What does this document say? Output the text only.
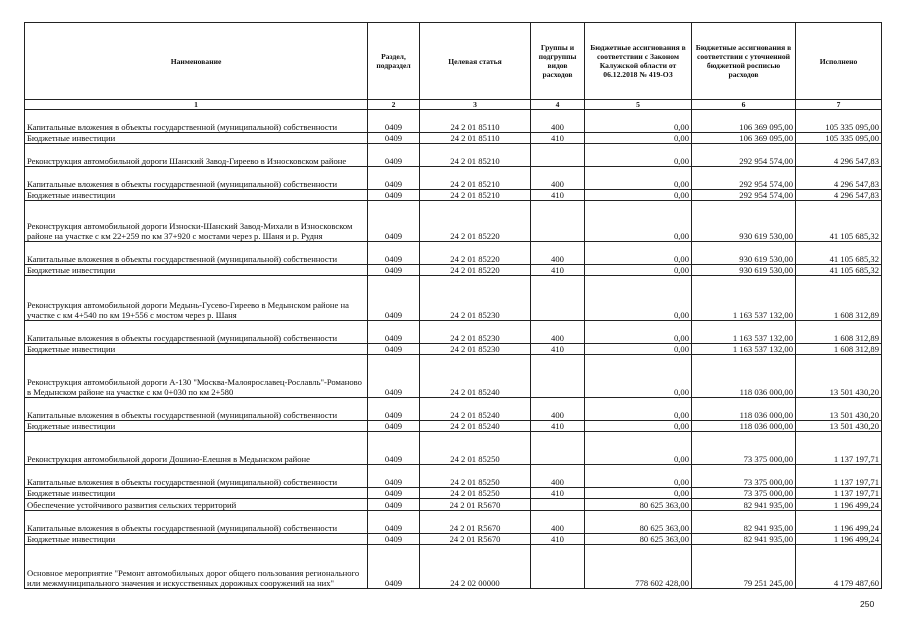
Наименование	Раздел, подраздел	Целевая статья	Группы и подгруппы видов расходов	Бюджетные ассигнования в соответствии с Законом Калужской области от 06.12.2018 № 419-ОЗ	Бюджетные ассигнования в соответствии с уточненной бюджетной росписью расходов	Исполнено
1	2	3	4	5	6	7
Капитальные вложения в объекты государственной (муниципальной) собственности	0409	24 2 01 85110	400	0,00	106 369 095,00	105 335 095,00
Бюджетные инвестиции	0409	24 2 01 85110	410	0,00	106 369 095,00	105 335 095,00
Реконструкция автомобильной дороги Шанский Завод-Гиреево в Износковском районе	0409	24 2 01 85210		0,00	292 954 574,00	4 296 547,83
Капитальные вложения в объекты государственной (муниципальной) собственности	0409	24 2 01 85210	400	0,00	292 954 574,00	4 296 547,83
Бюджетные инвестиции	0409	24 2 01 85210	410	0,00	292 954 574,00	4 296 547,83
Реконструкция автомобильной дороги Износки-Шанский Завод-Михали в Износковском районе на участке с км 22+259 по км 37+920 с мостами через р. Шаня и р. Рудня	0409	24 2 01 85220		0,00	930 619 530,00	41 105 685,32
Капитальные вложения в объекты государственной (муниципальной) собственности	0409	24 2 01 85220	400	0,00	930 619 530,00	41 105 685,32
Бюджетные инвестиции	0409	24 2 01 85220	410	0,00	930 619 530,00	41 105 685,32
Реконструкция автомобильной дороги Медынь-Гусево-Гиреево в Медынском районе на участке с км 4+540 по км 19+556 с мостом через р. Шаня	0409	24 2 01 85230		0,00	1 163 537 132,00	1 608 312,89
Капитальные вложения в объекты государственной (муниципальной) собственности	0409	24 2 01 85230	400	0,00	1 163 537 132,00	1 608 312,89
Бюджетные инвестиции	0409	24 2 01 85230	410	0,00	1 163 537 132,00	1 608 312,89
Реконструкция автомобильной дороги А-130 "Москва-Малоярославец-Рославль"-Романово в Медынском районе на участке с км 0+030 по км 2+580	0409	24 2 01 85240		0,00	118 036 000,00	13 501 430,20
Капитальные вложения в объекты государственной (муниципальной) собственности	0409	24 2 01 85240	400	0,00	118 036 000,00	13 501 430,20
Бюджетные инвестиции	0409	24 2 01 85240	410	0,00	118 036 000,00	13 501 430,20
Реконструкция автомобильной дороги Дошино-Елешня в Медынском районе	0409	24 2 01 85250		0,00	73 375 000,00	1 137 197,71
Капитальные вложения в объекты государственной (муниципальной) собственности	0409	24 2 01 85250	400	0,00	73 375 000,00	1 137 197,71
Бюджетные инвестиции	0409	24 2 01 85250	410	0,00	73 375 000,00	1 137 197,71
Обеспечение устойчивого развития сельских территорий	0409	24 2 01 R5670		80 625 363,00	82 941 935,00	1 196 499,24
Капитальные вложения в объекты государственной (муниципальной) собственности	0409	24 2 01 R5670	400	80 625 363,00	82 941 935,00	1 196 499,24
Бюджетные инвестиции	0409	24 2 01 R5670	410	80 625 363,00	82 941 935,00	1 196 499,24
Основное мероприятие "Ремонт автомобильных дорог общего пользования регионального или межмуниципального значения и искусственных дорожных сооружений на них"	0409	24 2 02 00000		778 602 428,00	79 251 245,00	4 179 487,60
250
